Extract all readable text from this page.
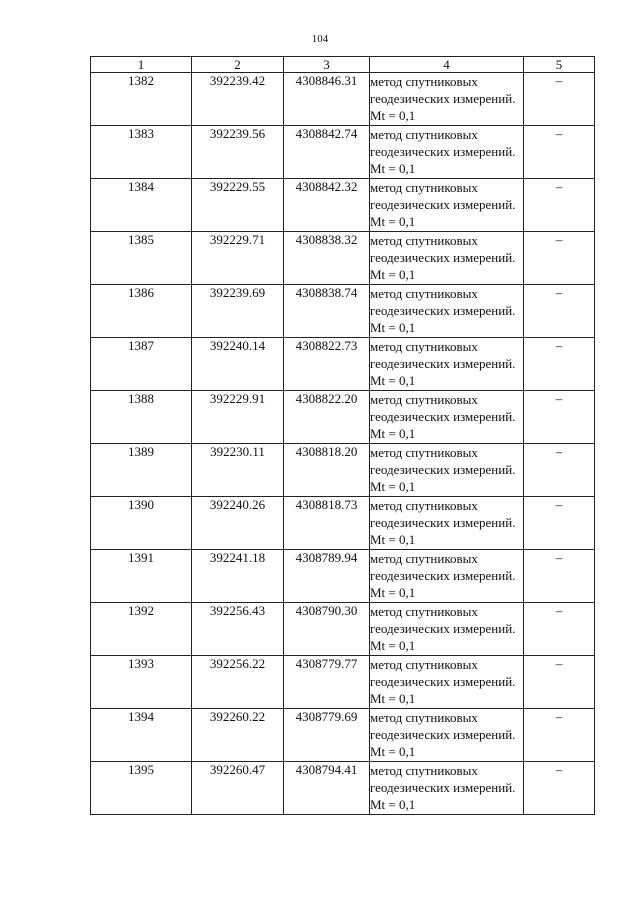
104
1	2	3	4	5
1382	392239.42	4308846.31	метод спутниковых геодезических измерений. Mt = 0,1	–
1383	392239.56	4308842.74	метод спутниковых геодезических измерений. Mt = 0,1	–
1384	392229.55	4308842.32	метод спутниковых геодезических измерений. Mt = 0,1	–
1385	392229.71	4308838.32	метод спутниковых геодезических измерений. Mt = 0,1	–
1386	392239.69	4308838.74	метод спутниковых геодезических измерений. Mt = 0,1	–
1387	392240.14	4308822.73	метод спутниковых геодезических измерений. Mt = 0,1	–
1388	392229.91	4308822.20	метод спутниковых геодезических измерений. Mt = 0,1	–
1389	392230.11	4308818.20	метод спутниковых геодезических измерений. Mt = 0,1	–
1390	392240.26	4308818.73	метод спутниковых геодезических измерений. Mt = 0,1	–
1391	392241.18	4308789.94	метод спутниковых геодезических измерений. Mt = 0,1	–
1392	392256.43	4308790.30	метод спутниковых геодезических измерений. Mt = 0,1	–
1393	392256.22	4308779.77	метод спутниковых геодезических измерений. Mt = 0,1	–
1394	392260.22	4308779.69	метод спутниковых геодезических измерений. Mt = 0,1	–
1395	392260.47	4308794.41	метод спутниковых геодезических измерений. Mt = 0,1	–
